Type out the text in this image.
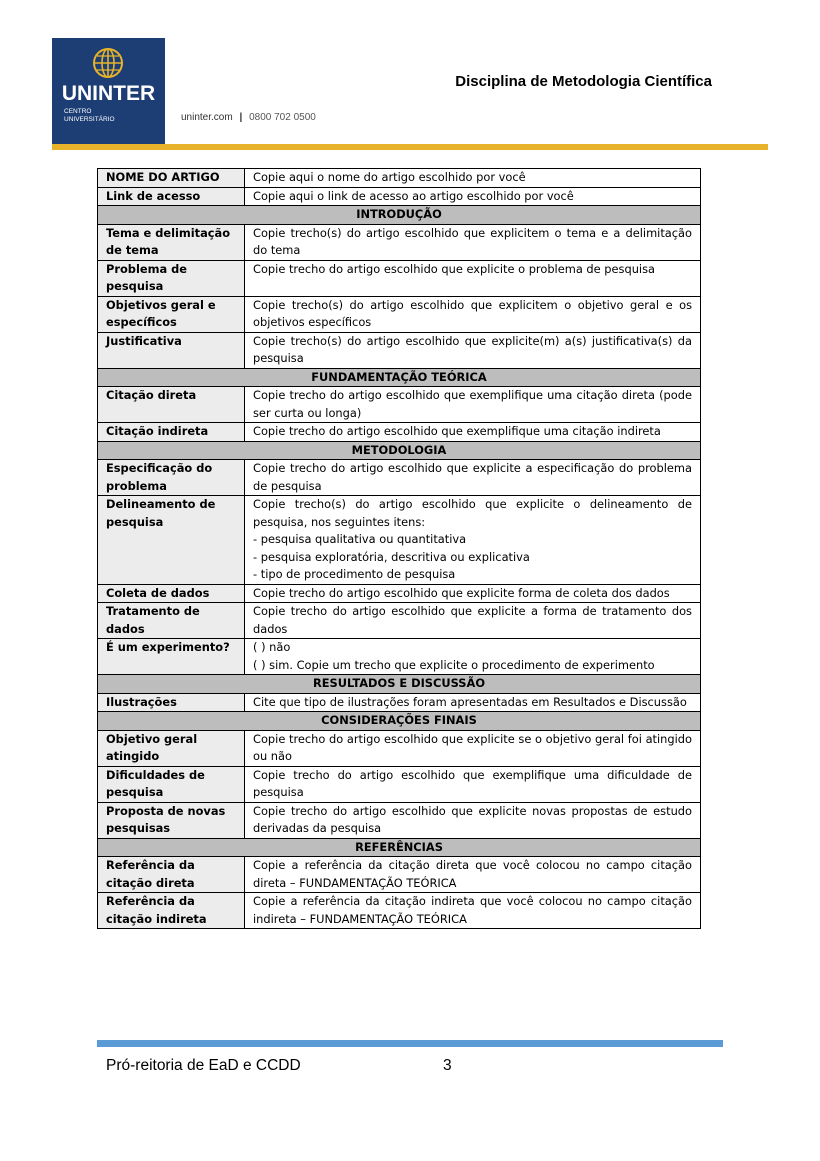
UNINTER
CENTRO
UNIVERSITÁRIO	uninter.com | 0800 702 0500
Disciplina de Metodologia Científica
NOME DO ARTIGO	Copie aqui o nome do artigo escolhido por você

Link de acesso	Copie aqui o link de acesso ao artigo escolhido por você

INTRODUÇÃO	
Tema e delimitação de tema	Copie trecho(s) do artigo escolhido que explicitem o tema e a delimitação do tema

Problema de pesquisa	Copie trecho do artigo escolhido que explicite o problema de pesquisa

Objetivos geral e específicos	Copie trecho(s) do artigo escolhido que explicitem o objetivo geral e os objetivos específicos

Justificativa	Copie trecho(s) do artigo escolhido que explicite(m) a(s) justificativa(s) da pesquisa

FUNDAMENTAÇÃO TEÓRICA	
Citação direta	Copie trecho do artigo escolhido que exemplifique uma citação direta (pode ser curta ou longa)

Citação indireta	Copie trecho do artigo escolhido que exemplifique uma citação indireta

METODOLOGIA	
Especificação do problema	Copie trecho do artigo escolhido que explicite a especificação do problema de pesquisa

Delineamento de pesquisa	Copie trecho(s) do artigo escolhido que explicite o delineamento de pesquisa, nos seguintes itens:
- pesquisa qualitativa ou quantitativa
- pesquisa exploratória, descritiva ou explicativa
- tipo de procedimento de pesquisa

Coleta de dados	Copie trecho do artigo escolhido que explicite forma de coleta dos dados

Tratamento de dados	Copie trecho do artigo escolhido que explicite a forma de tratamento dos dados

É um experimento?	( ) não
( ) sim. Copie um trecho que explicite o procedimento de experimento

RESULTADOS E DISCUSSÃO	
Ilustrações	Cite que tipo de ilustrações foram apresentadas em Resultados e Discussão

CONSIDERAÇÕES FINAIS	
Objetivo geral atingido	Copie trecho do artigo escolhido que explicite se o objetivo geral foi atingido ou não

Dificuldades de pesquisa	Copie trecho do artigo escolhido que exemplifique uma dificuldade de pesquisa

Proposta de novas pesquisas	Copie trecho do artigo escolhido que explicite novas propostas de estudo derivadas da pesquisa

REFERÊNCIAS	
Referência da citação direta	Copie a referência da citação direta que você colocou no campo citação direta – FUNDAMENTAÇÃO TEÓRICA

Referência da citação indireta	Copie a referência da citação indireta que você colocou no campo citação indireta – FUNDAMENTAÇÃO TEÓRICA
Pró-reitoria de EaD e CCDD	3
